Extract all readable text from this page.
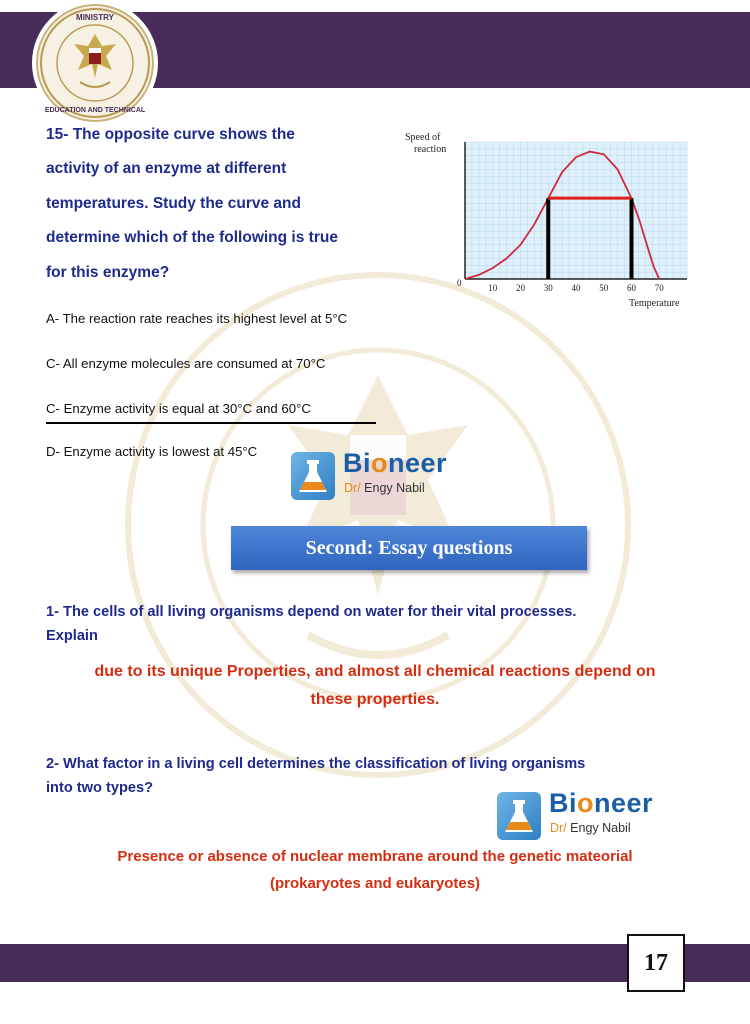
MINISTRY
EDUCATION AND TECHNICAL
15- The opposite curve shows the
activity of an enzyme at different
temperatures. Study the curve and
determine which of the following is true
for this enzyme?
10 20 30 40 50 60 70
Speed of
reaction
Temperature
0
A- The reaction rate reaches its highest level at 5°C
C- All enzyme molecules are consumed at 70°C
C- Enzyme activity is equal at 30°C and 60°C
D- Enzyme activity is lowest at 45°C	Bioneer
Dr/ Engy Nabil
Second: Essay questions
1- The cells of all living organisms depend on water for their vital processes.
Explain
due to its unique Properties, and almost all chemical reactions depend on
these properties.
2- What factor in a living cell determines the classification of living organisms
into two types?	Bioneer
Dr/ Engy Nabil
Presence or absence of nuclear membrane around the genetic mateorial
(prokaryotes and eukaryotes)
17
